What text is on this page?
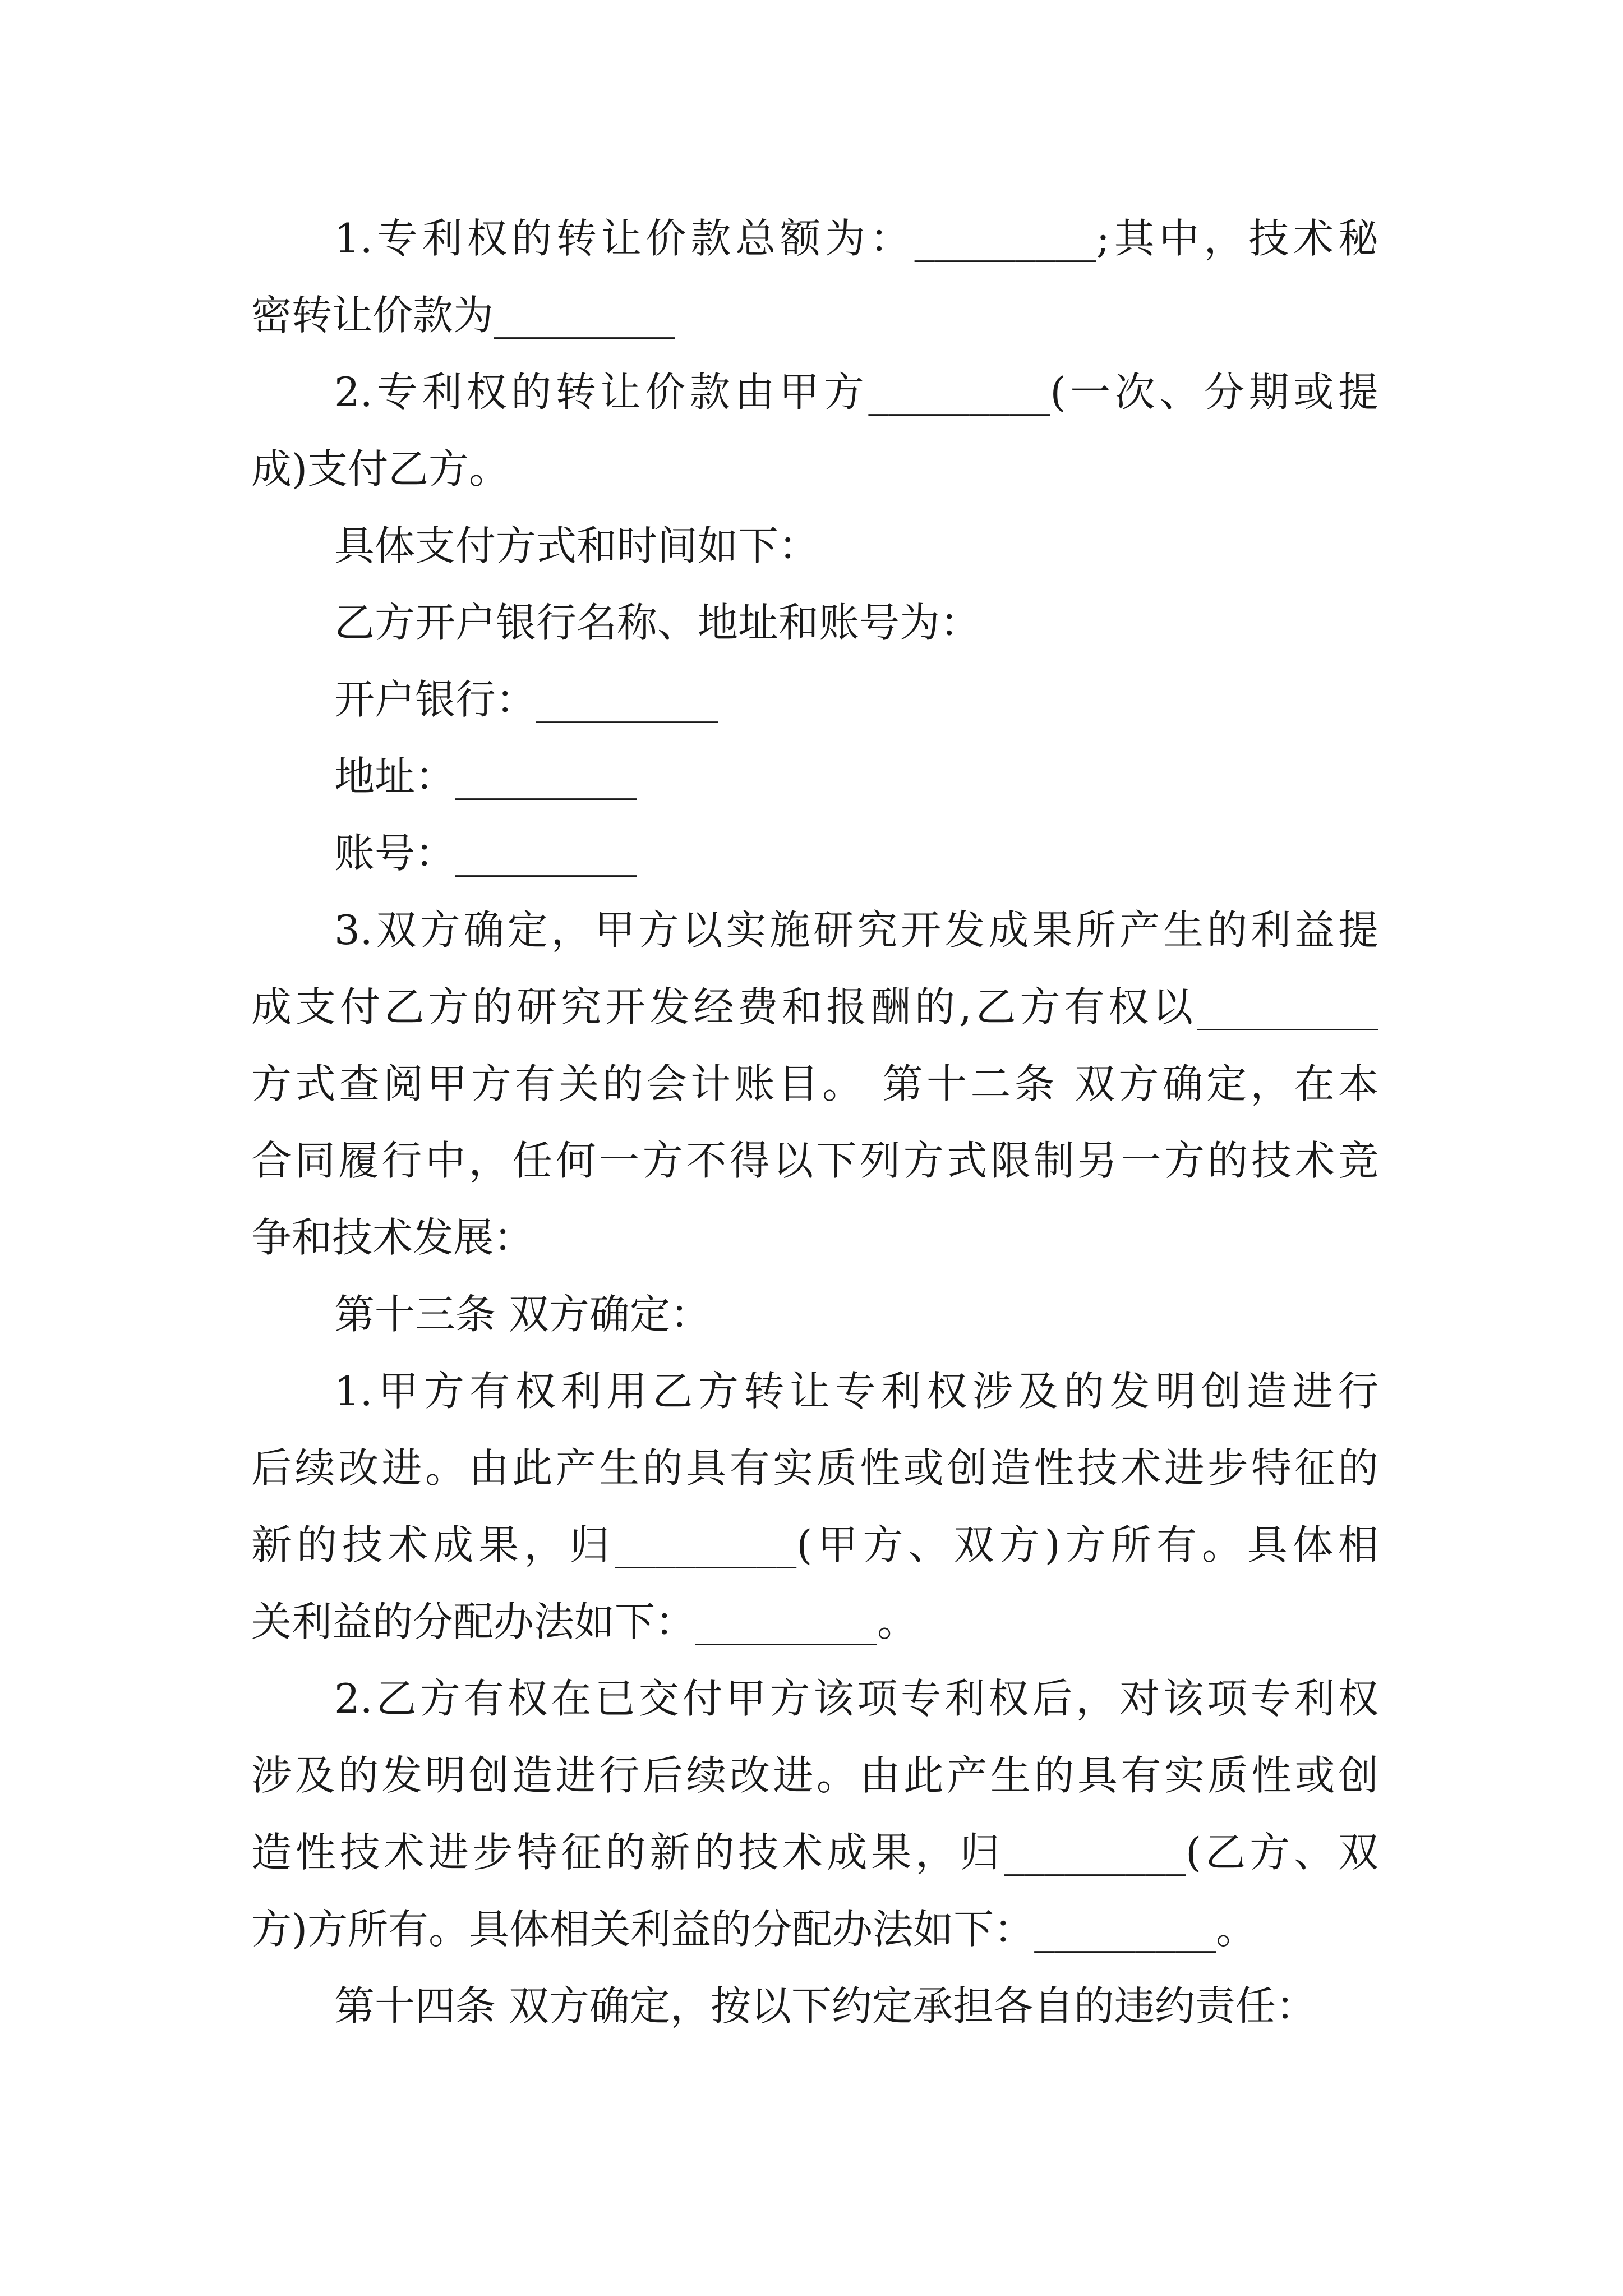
1.专利权的转让价款总额为：_________;其中，技术秘
密转让价款为_________
2.专利权的转让价款由甲方_________(一次、分期或提
成)支付乙方。
具体支付方式和时间如下：
乙方开户银行名称、地址和账号为：
开户银行：_________
地址：_________
账号：_________
3.双方确定，甲方以实施研究开发成果所产生的利益提
成支付乙方的研究开发经费和报酬的,乙方有权以_________
方式查阅甲方有关的会计账目。 第十二条 双方确定，在本
合同履行中，任何一方不得以下列方式限制另一方的技术竞
争和技术发展：
第十三条 双方确定：
1.甲方有权利用乙方转让专利权涉及的发明创造进行
后续改进。由此产生的具有实质性或创造性技术进步特征的
新的技术成果，归_________(甲方、双方)方所有。具体相
关利益的分配办法如下：_________。
2.乙方有权在已交付甲方该项专利权后，对该项专利权
涉及的发明创造进行后续改进。由此产生的具有实质性或创
造性技术进步特征的新的技术成果，归_________(乙方、双
方)方所有。具体相关利益的分配办法如下：_________。
第十四条 双方确定，按以下约定承担各自的违约责任：
